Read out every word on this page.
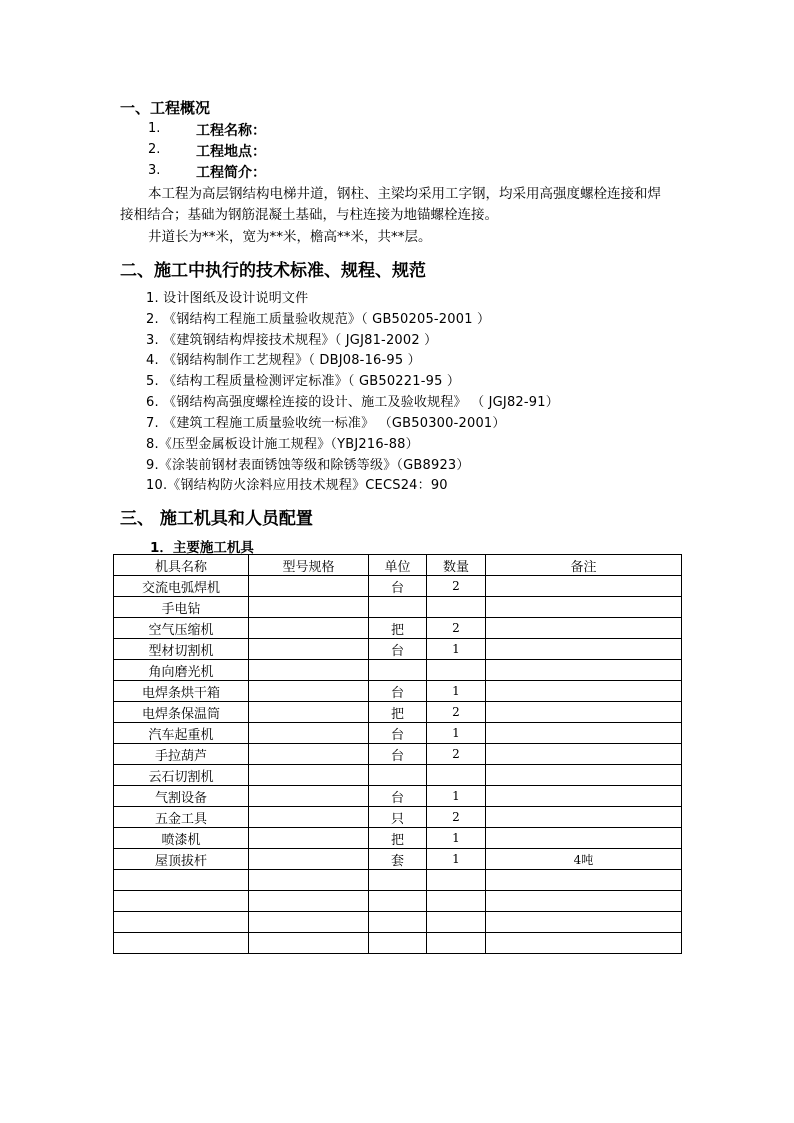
一、工程概况
1.	工程名称：
2.	工程地点：
3.	工程简介：
本工程为高层钢结构电梯井道，钢柱、主梁均采用工字钢，均采用高强度螺栓连接和焊
接相结合；基础为钢筋混凝土基础，与柱连接为地锚螺栓连接。
井道长为**米，宽为**米，檐高**米，共**层。
二、施工中执行的技术标准、规程、规范
1. 设计图纸及设计说明文件
2. 《钢结构工程施工质量验收规范》（ GB50205-2001 ）
3. 《建筑钢结构焊接技术规程》（ JGJ81-2002 ）
4. 《钢结构制作工艺规程》（ DBJ08-16-95 ）
5. 《结构工程质量检测评定标准》（ GB50221-95 ）
6. 《钢结构高强度螺栓连接的设计、施工及验收规程》 （ JGJ82-91）
7. 《建筑工程施工质量验收统一标准》 （GB50300-2001）
8.《压型金属板设计施工规程》（YBJ216-88）
9.《涂装前钢材表面锈蚀等级和除锈等级》（GB8923）
10.《钢结构防火涂料应用技术规程》CECS24：90
三、 施工机具和人员配置
1．主要施工机具
机具名称	型号规格	单位	数量	备注
交流电弧焊机		台	2	
手电钻				
空气压缩机		把	2	
型材切割机		台	1	
角向磨光机				
电焊条烘干箱		台	1	
电焊条保温筒		把	2	
汽车起重机		台	1	
手拉葫芦		台	2	
云石切割机				
气割设备		台	1	
五金工具		只	2	
喷漆机		把	1	
屋顶拔杆		套	1	4吨
